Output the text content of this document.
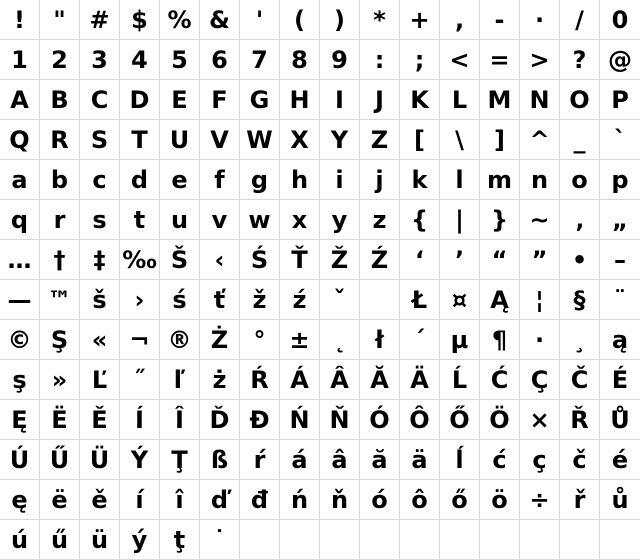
! " # $ % & ' ( ) * + , - · / 0
1 2 3 4 5 6 7 8 9 : ; < = > ? @
A B C D E F G H I J K L M N O P
Q R S T U V W X Y Z [ \ ] ^ _ `
a b c d e f g h i j k l m n o p
q r s t u v w x y z { | } ~ ‚ „
… † ‡ ‰ Š ‹ Ś Ť Ž Ź ‘ ’ “ ” • –
— ™ š › ś ť ž ź ˇ	Ł ¤ Ą ¦ § ¨
© Ş « ¬ ® Ż ° ± ˛ ł ´ µ ¶ · ¸ ą
ş » Ľ ˝ ľ ż Ŕ Á Â Ă Ä Ĺ Ć Ç Č É
Ę Ë Ě Í Î Ď Đ Ń Ň Ó Ô Ő Ö × Ř Ů
Ú Ű Ü Ý Ţ ß ŕ á â ă ä ĺ ć ç č é
ę ë ě í î ď đ ń ň ó ô ő ö ÷ ř ů
ú ű ü ý ţ ˙
